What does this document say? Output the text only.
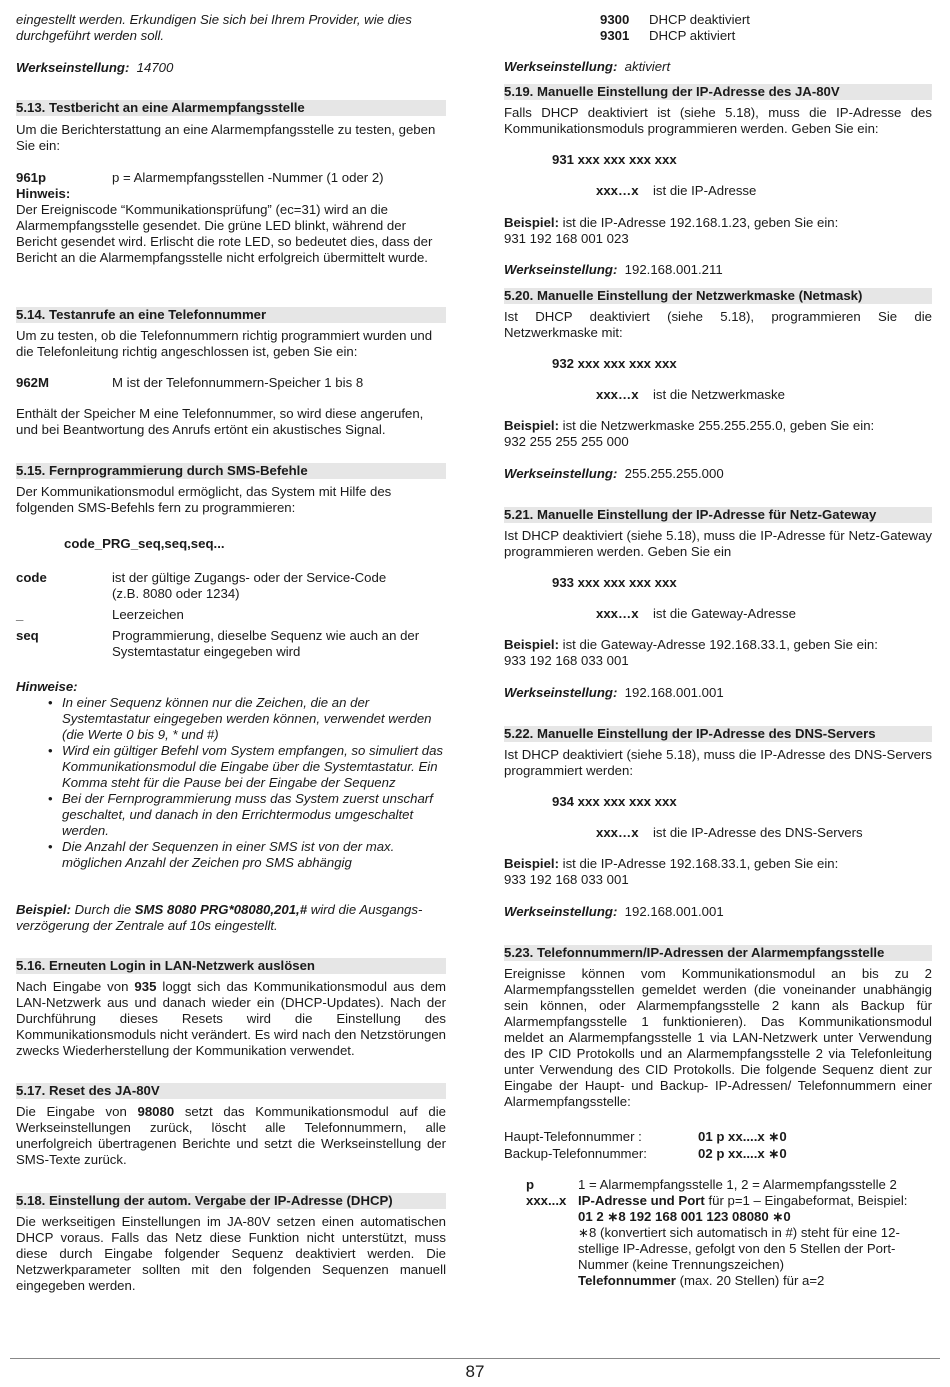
eingestellt werden. Erkundigen Sie sich bei Ihrem Provider, wie dies

durchgeführt werden soll.

Werkseinstellung: 14700

5.13. Testbericht an eine Alarmempfangsstelle

Um die Berichterstattung an eine Alarmempfangsstelle zu testen, geben Sie ein:

961p	p = Alarmempfangsstellen -Nummer (1 oder 2)

Hinweis:

Der Ereigniscode “Kommunikationsprüfung” (ec=31) wird an die Alarmempfangsstelle gesendet. Die grüne LED blinkt, während der Bericht gesendet wird. Erlischt die rote LED, so bedeutet dies, dass der Bericht an die Alarmempfangsstelle nicht erfolgreich übermittelt wurde.

5.14. Testanrufe an eine Telefonnummer

Um zu testen, ob die Telefonnummern richtig programmiert wurden und die Telefonleitung richtig angeschlossen ist, geben Sie ein:

962M	M ist der Telefonnummern-Speicher 1 bis 8

Enthält der Speicher M eine Telefonnummer, so wird diese angerufen, und bei Beantwortung des Anrufs ertönt ein akustisches Signal.

5.15. Fernprogrammierung durch SMS-Befehle

Der Kommunikationsmodul ermöglicht, das System mit Hilfe des folgenden SMS-Befehls fern zu programmieren:

code_PRG_seq,seq,seq...

code	ist der gültige Zugangs- oder der Service-Code
(z.B. 8080 oder 1234)
_	Leerzeichen
seq	Programmierung, dieselbe Sequenz wie auch an der
Systemtastatur eingegeben wird

Hinweise:

• In einer Sequenz können nur die Zeichen, die an der Systemtastatur eingegeben werden können, verwendet werden (die Werte 0 bis 9, * und #)
• Wird ein gültiger Befehl vom System empfangen, so simuliert das Kommunikationsmodul die Eingabe über die Systemtastatur. Ein Komma steht für die Pause bei der Eingabe der Sequenz
• Bei der Fernprogrammierung muss das System zuerst unscharf geschaltet, und danach in den Errichtermodus umgeschaltet werden.
• Die Anzahl der Sequenzen in einer SMS ist von der max. möglichen Anzahl der Zeichen pro SMS abhängig

Beispiel: Durch die SMS 8080 PRG*08080,201,# wird die Ausgangs-

verzögerung der Zentrale auf 10s eingestellt.

5.16. Erneuten Login in LAN-Netzwerk auslösen

Nach Eingabe von 935 loggt sich das Kommunikationsmodul aus dem LAN-Netzwerk aus und danach wieder ein (DHCP-Updates). Nach der Durchführung dieses Resets wird die Einstellung des Kommunikationsmoduls nicht verändert. Es wird nach den Netzstörungen zwecks Wiederherstellung der Kommunikation verwendet.

5.17. Reset des JA-80V

Die Eingabe von 98080 setzt das Kommunikationsmodul auf die Werkseinstellungen zurück, löscht alle Telefonnummern, alle unerfolgreich übertragenen Berichte und setzt die Werkseinstellung der SMS-Texte zurück.

5.18. Einstellung der autom. Vergabe der IP-Adresse (DHCP)

Die werkseitigen Einstellungen im JA-80V setzen einen automatischen DHCP voraus. Falls das Netz diese Funktion nicht unterstützt, muss diese durch Eingabe folgender Sequenz deaktiviert werden. Die Netzwerkparameter sollten mit den folgenden Sequenzen manuell eingegeben werden.

9300 DHCP deaktiviert
9301 DHCP aktiviert

Werkseinstellung: aktiviert

5.19. Manuelle Einstellung der IP-Adresse des JA-80V

Falls DHCP deaktiviert ist (siehe 5.18), muss die IP-Adresse des Kommunikationsmoduls programmieren werden. Geben Sie ein:

931 xxx xxx xxx xxx

xxx…x ist die IP-Adresse

Beispiel: ist die IP-Adresse 192.168.1.23, geben Sie ein:

931 192 168 001 023

Werkseinstellung: 192.168.001.211

5.20. Manuelle Einstellung der Netzwerkmaske (Netmask)

Ist DHCP deaktiviert (siehe 5.18), programmieren Sie die Netzwerkmaske mit:

932 xxx xxx xxx xxx

xxx…x ist die Netzwerkmaske

Beispiel: ist die Netzwerkmaske 255.255.255.0, geben Sie ein:

932 255 255 255 000

Werkseinstellung: 255.255.255.000

5.21. Manuelle Einstellung der IP-Adresse für Netz-Gateway

Ist DHCP deaktiviert (siehe 5.18), muss die IP-Adresse für Netz-Gateway programmieren werden. Geben Sie ein

933 xxx xxx xxx xxx

xxx…x ist die Gateway-Adresse

Beispiel: ist die Gateway-Adresse 192.168.33.1, geben Sie ein:

933 192 168 033 001

Werkseinstellung: 192.168.001.001

5.22. Manuelle Einstellung der IP-Adresse des DNS-Servers

Ist DHCP deaktiviert (siehe 5.18), muss die IP-Adresse des DNS-Servers programmiert werden:

934 xxx xxx xxx xxx

xxx…x ist die IP-Adresse des DNS-Servers

Beispiel: ist die IP-Adresse 192.168.33.1, geben Sie ein:

933 192 168 033 001

Werkseinstellung: 192.168.001.001

5.23. Telefonnummern/IP-Adressen der Alarmempfangsstelle

Ereignisse können vom Kommunikationsmodul an bis zu 2 Alarmempfangsstellen gemeldet werden (die voneinander unabhängig sein können, oder Alarmempfangsstelle 2 kann als Backup für Alarmempfangsstelle 1 funktionieren). Das Kommunikationsmodul meldet an Alarmempfangsstelle 1 via LAN-Netzwerk unter Verwendung des IP CID Protokolls und an Alarmempfangsstelle 2 via Telefonleitung unter Verwendung des CID Protokolls. Die folgende Sequenz dient zur Eingabe der Haupt- und Backup- IP-Adressen/ Telefonnummern einer Alarmempfangsstelle:

Haupt-Telefonnummer :	01 p xx....x ∗0
Backup-Telefonnummer:	02 p xx....x ∗0
p	1 = Alarmempfangsstelle 1, 2 = Alarmempfangsstelle 2
xxx...x IP-Adresse und Port für p=1 – Eingabeformat, Beispiel:
01 2 ∗8 192 168 001 123 08080 ∗0
∗8 (konvertiert sich automatisch in #) steht für eine 12-
stellige IP-Adresse, gefolgt von den 5 Stellen der Port-
Nummer (keine Trennungszeichen)
Telefonnummer (max. 20 Stellen) für a=2
87
